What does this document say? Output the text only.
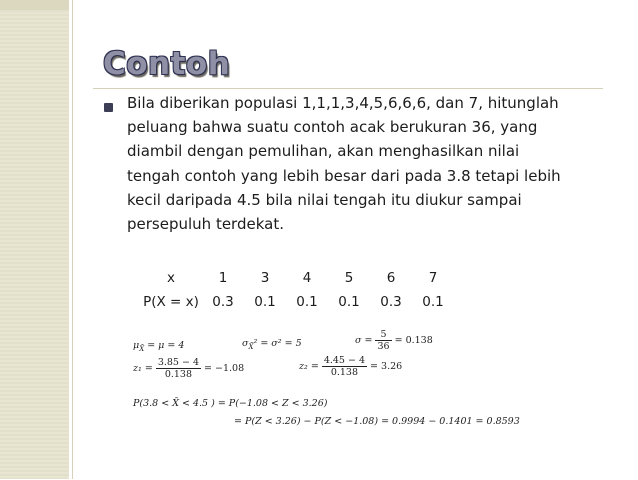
Contoh
Bila diberikan populasi 1,1,1,3,4,5,6,6,6, dan 7, hitunglah
peluang bahwa suatu contoh acak berukuran 36, yang
diambil dengan pemulihan, akan menghasilkan nilai
tengah contoh yang lebih besar dari pada 3.8 tetapi lebih
kecil daripada 4.5 bila nilai tengah itu diukur sampai
persepuluh terdekat.
x	1	3	4	5	6	7
P(X = x)	0.3	0.1	0.1	0.1	0.3	0.1
$\mu_{X̄} = \mu = 4$	$\sigma_{X̄}^2 = \sigma^2 = 5$	$\sigma = \frac{5}{36} = 0.138$
$z_1 = \frac{3.85 - 4}{0.138} = -1.08$	$z_2 = \frac{4.45 - 4}{0.138} = 3.26$
P(3.8 < X̄ < 4.5 ) = P(−1.08 < Z < 3.26)
= P(Z < 3.26) − P(Z < −1.08) = 0.9994 − 0.1401 = 0.8593
